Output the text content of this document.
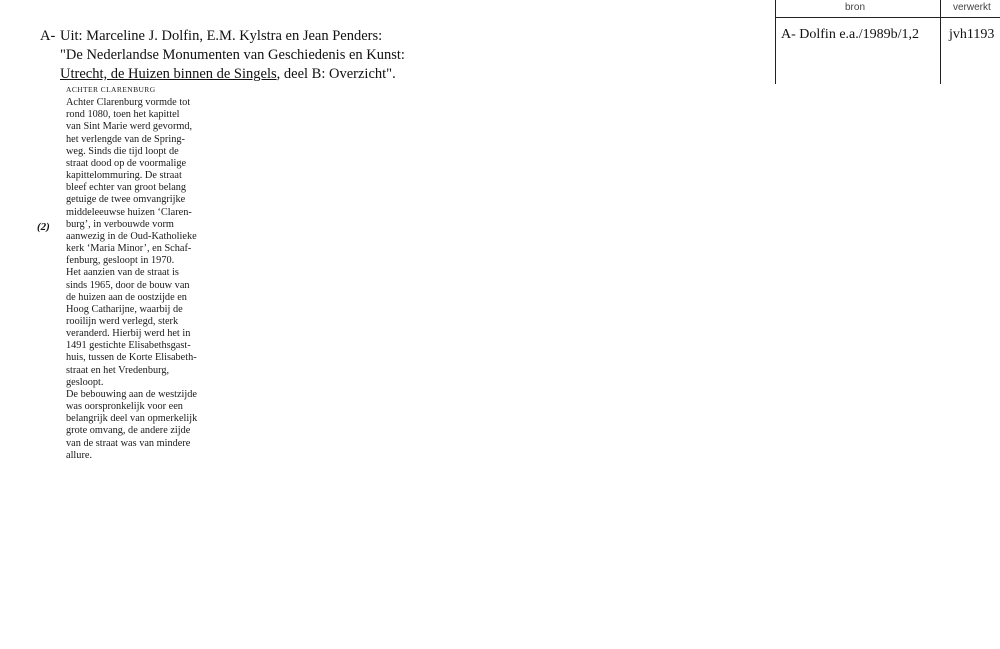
bron	verwerkt
A- Dolfin e.a./1989b/1,2 jvh1193
A- Uit: Marceline J. Dolfin, E.M. Kylstra en Jean Penders:
"De Nederlandse Monumenten van Geschiedenis en Kunst:
Utrecht, de Huizen binnen de Singels, deel B: Overzicht".
(2)
ACHTER CLARENBURG
Achter Clarenburg vormde tot
rond 1080, toen het kapittel
van Sint Marie werd gevormd,
het verlengde van de Spring-
weg. Sinds die tijd loopt de
straat dood op de voormalige
kapittelommuring. De straat
bleef echter van groot belang
getuige de twee omvangrijke
middeleeuwse huizen ‘Claren-
burg’, in verbouwde vorm
aanwezig in de Oud-Katholieke
kerk ‘Maria Minor’, en Schaf-
fenburg, gesloopt in 1970.
Het aanzien van de straat is
sinds 1965, door de bouw van
de huizen aan de oostzijde en
Hoog Catharijne, waarbij de
rooilijn werd verlegd, sterk
veranderd. Hierbij werd het in
1491 gestichte Elisabethsgast-
huis, tussen de Korte Elisabeth-
straat en het Vredenburg,
gesloopt.
De bebouwing aan de westzijde
was oorspronkelijk voor een
belangrijk deel van opmerkelijk
grote omvang, de andere zijde
van de straat was van mindere
allure.
